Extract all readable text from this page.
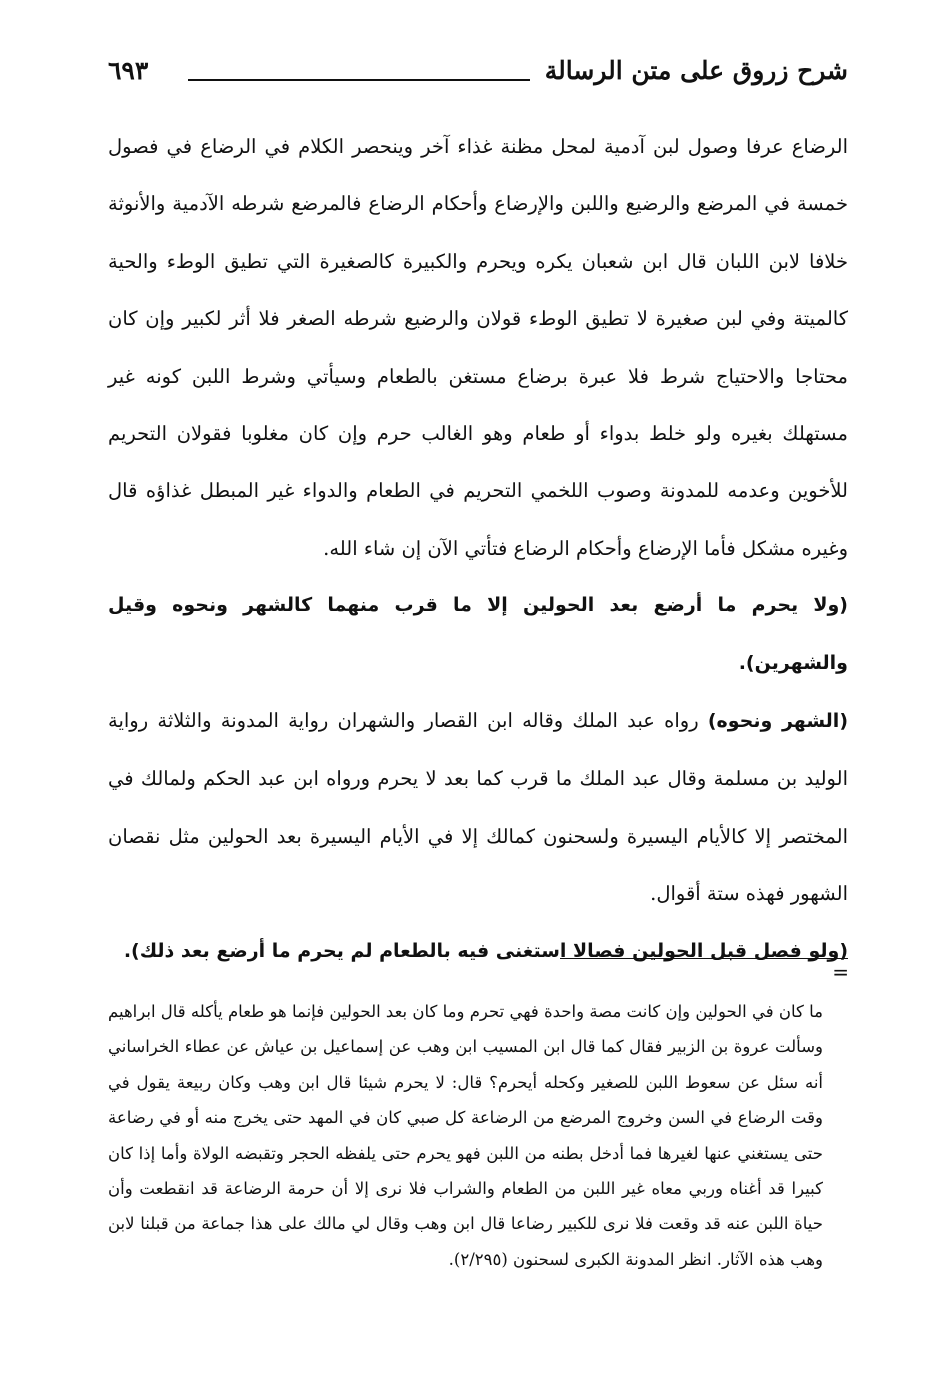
شرح زروق على متن الرسالة
٦٩٣

الرضاع عرفا وصول لبن آدمية لمحل مظنة غذاء آخر وينحصر الكلام في الرضاع في فصول خمسة في المرضع والرضيع واللبن والإرضاع وأحكام الرضاع فالمرضع شرطه الآدمية والأنوثة خلافا لابن اللبان قال ابن شعبان يكره ويحرم والكبيرة كالصغيرة التي تطيق الوطء والحية كالميتة وفي لبن صغيرة لا تطيق الوطء قولان والرضيع شرطه الصغر فلا أثر لكبير وإن كان محتاجا والاحتياج شرط فلا عبرة برضاع مستغن بالطعام وسيأتي وشرط اللبن كونه غير مستهلك بغيره ولو خلط بدواء أو طعام وهو الغالب حرم وإن كان مغلوبا فقولان التحريم للأخوين وعدمه للمدونة وصوب اللخمي التحريم في الطعام والدواء غير المبطل غذاؤه قال وغيره مشكل فأما الإرضاع وأحكام الرضاع فتأتي الآن إن شاء الله.

(ولا يحرم ما أرضع بعد الحولين إلا ما قرب منهما كالشهر ونحوه وقيل والشهرين).

(الشهر ونحوه) رواه عبد الملك وقاله ابن القصار والشهران رواية المدونة والثلاثة رواية الوليد بن مسلمة وقال عبد الملك ما قرب كما بعد لا يحرم ورواه ابن عبد الحكم ولمالك في المختصر إلا كالأيام اليسيرة ولسحنون كمالك إلا في الأيام اليسيرة بعد الحولين مثل نقصان الشهور فهذه ستة أقوال.

(ولو فصل قبل الحولين فصالا استغنى فيه بالطعام لم يحرم ما أرضع بعد ذلك).

=
ما كان في الحولين وإن كانت مصة واحدة فهي تحرم وما كان بعد الحولين فإنما هو طعام يأكله قال ابراهيم وسألت عروة بن الزبير فقال كما قال ابن المسيب ابن وهب عن إسماعيل بن عياش عن عطاء الخراساني أنه سئل عن سعوط اللبن للصغير وكحله أيحرم؟ قال: لا يحرم شيئا قال ابن وهب وكان ربيعة يقول في وقت الرضاع في السن وخروج المرضع من الرضاعة كل صبي كان في المهد حتى يخرج منه أو في رضاعة حتى يستغني عنها لغيرها فما أدخل بطنه من اللبن فهو يحرم حتى يلفظه الحجر وتقبضه الولاة وأما إذا كان كبيرا قد أغناه وربي معاه غير اللبن من الطعام والشراب فلا نرى إلا أن حرمة الرضاعة قد انقطعت وأن حياة اللبن عنه قد وقعت فلا نرى للكبير رضاعا قال ابن وهب وقال لي مالك على هذا جماعة من قبلنا لابن وهب هذه الآثار. انظر المدونة الكبرى لسحنون (٢/٢٩٥).
